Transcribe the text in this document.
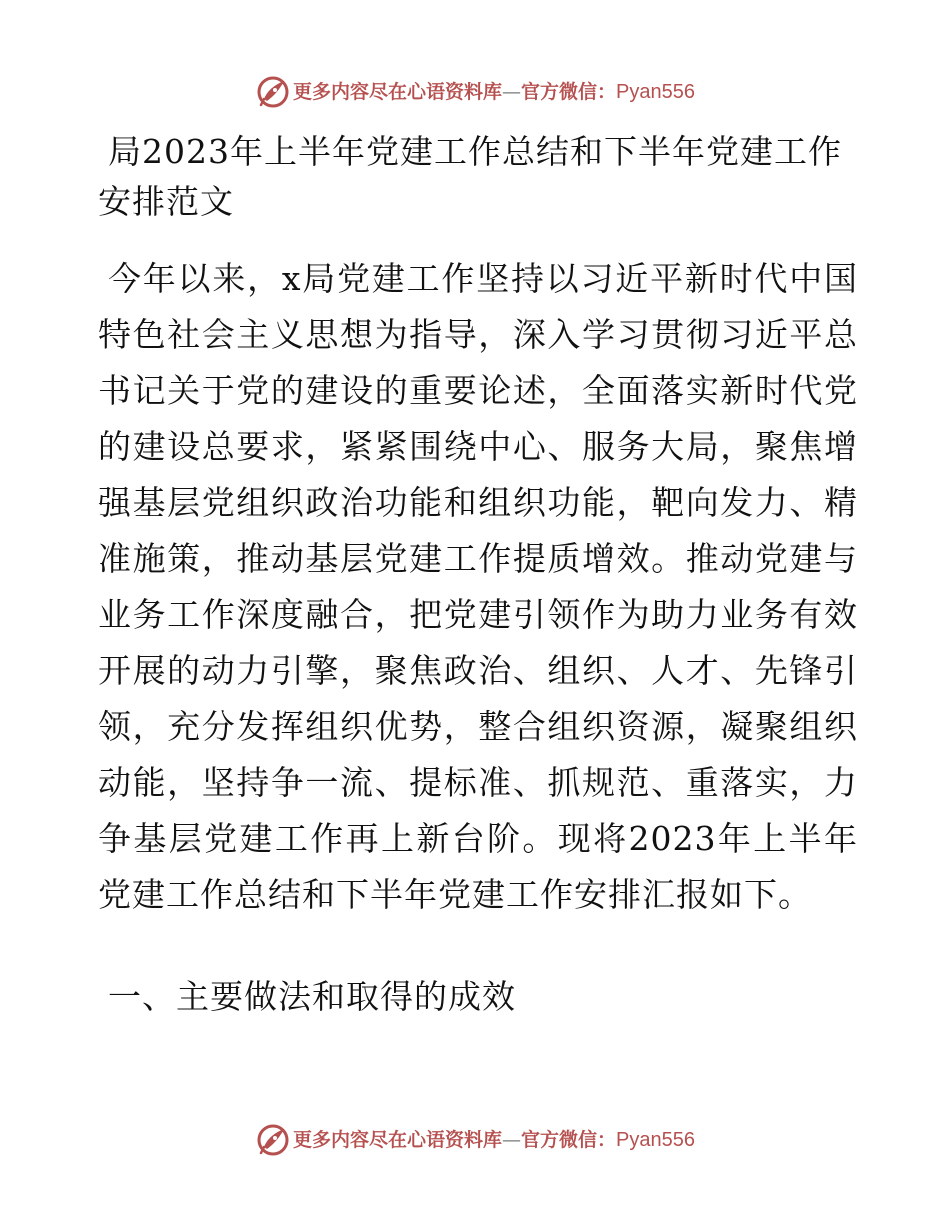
更多内容尽在心语资料库 — 官方微信： Pyan556
局2023年上半年党建工作总结和下半年党建工作安排范文

今年以来，x局党建工作坚持以习近平新时代中国特色社会主义思想为指导，深入学习贯彻习近平总书记关于党的建设的重要论述，全面落实新时代党的建设总要求，紧紧围绕中心、服务大局，聚焦增强基层党组织政治功能和组织功能，靶向发力、精准施策，推动基层党建工作提质增效。推动党建与业务工作深度融合，把党建引领作为助力业务有效开展的动力引擎，聚焦政治、组织、人才、先锋引领，充分发挥组织优势，整合组织资源，凝聚组织动能，坚持争一流、提标准、抓规范、重落实，力争基层党建工作再上新台阶。现将2023年上半年党建工作总结和下半年党建工作安排汇报如下。

一、主要做法和取得的成效
更多内容尽在心语资料库 — 官方微信： Pyan556
